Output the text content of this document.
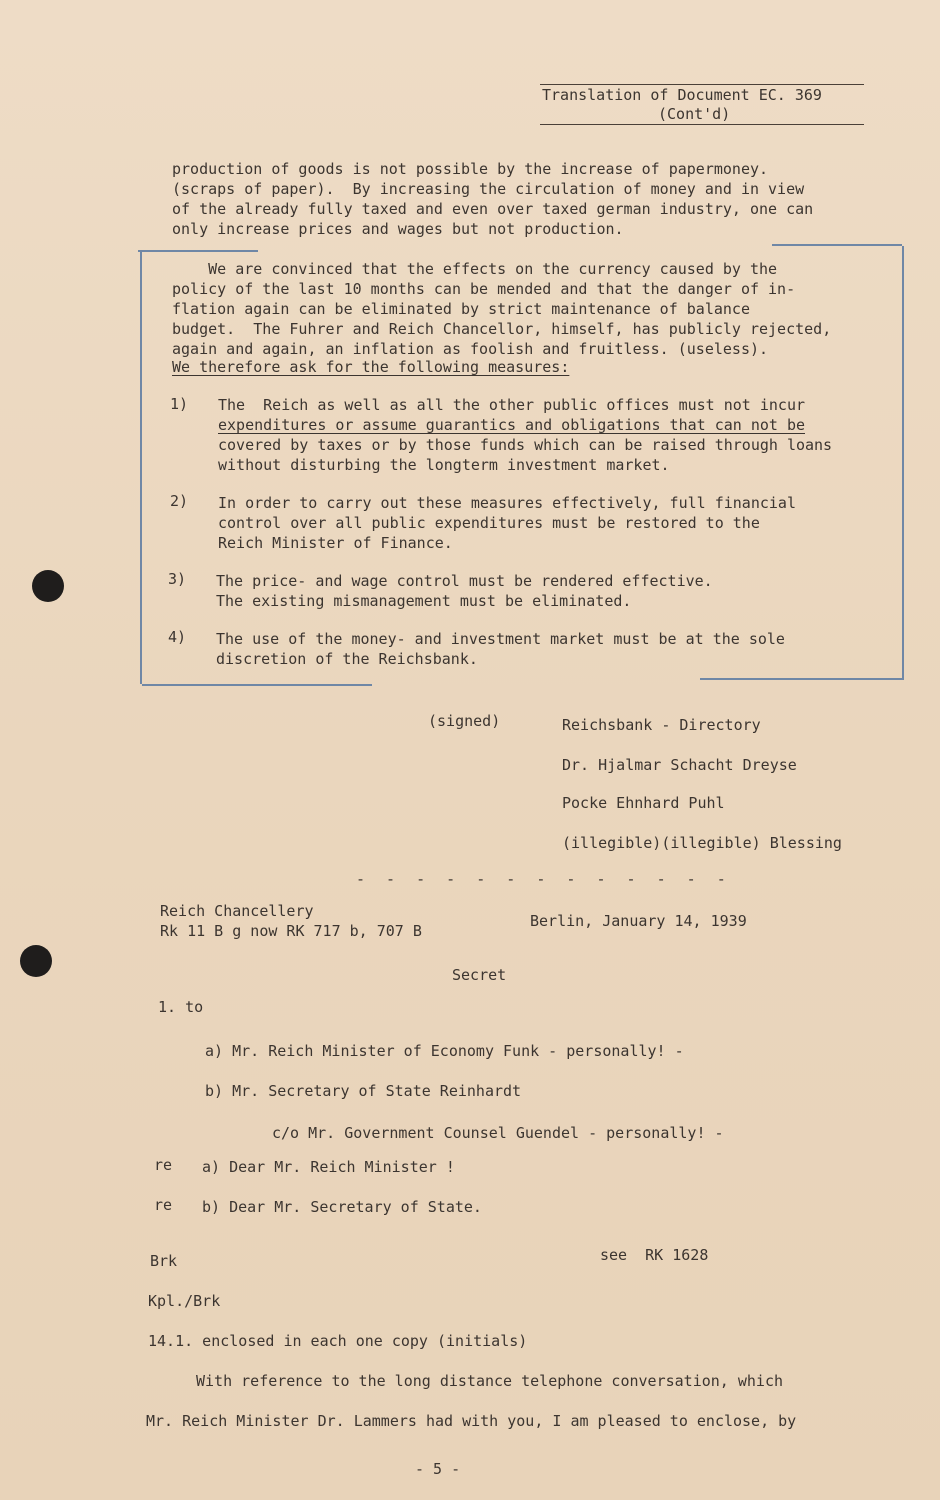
Translation of Document EC. 369
(Cont'd)
production of goods is not possible by the increase of papermoney.
(scraps of paper).  By increasing the circulation of money and in view
of the already fully taxed and even over taxed german industry, one can
only increase prices and wages but not production.
We are convinced that the effects on the currency caused by the
policy of the last 10 months can be mended and that the danger of in-
flation again can be eliminated by strict maintenance of balance
budget.  The Fuhrer and Reich Chancellor, himself, has publicly rejected,
again and again, an inflation as foolish and fruitless. (useless).
We therefore ask for the following measures:
1) The  Reich as well as all the other public offices must not incur
expenditures or assume guarantics and obligations that can not be
covered by taxes or by those funds which can be raised through loans
without disturbing the longterm investment market.
2) In order to carry out these measures effectively, full financial
control over all public expenditures must be restored to the
Reich Minister of Finance.
3) The price- and wage control must be rendered effective.
The existing mismanagement must be eliminated.
4) The use of the money- and investment market must be at the sole
discretion of the Reichsbank.
(signed)	Reichsbank - Directory
Dr. Hjalmar Schacht Dreyse
Pocke Ehnhard Puhl
(illegible)(illegible) Blessing
- - - - - - - - - - - - -
Reich Chancellery
Rk 11 B g now RK 717 b, 707 B
Berlin, January 14, 1939
Secret
1. to
a) Mr. Reich Minister of Economy Funk - personally! -
b) Mr. Secretary of State Reinhardt
c/o Mr. Government Counsel Guendel - personally! -
re a) Dear Mr. Reich Minister !
re b) Dear Mr. Secretary of State.
Brk	see  RK 1628
Kpl./Brk
14.1. enclosed in each one copy (initials)
With reference to the long distance telephone conversation, which
Mr. Reich Minister Dr. Lammers had with you, I am pleased to enclose, by
- 5 -
